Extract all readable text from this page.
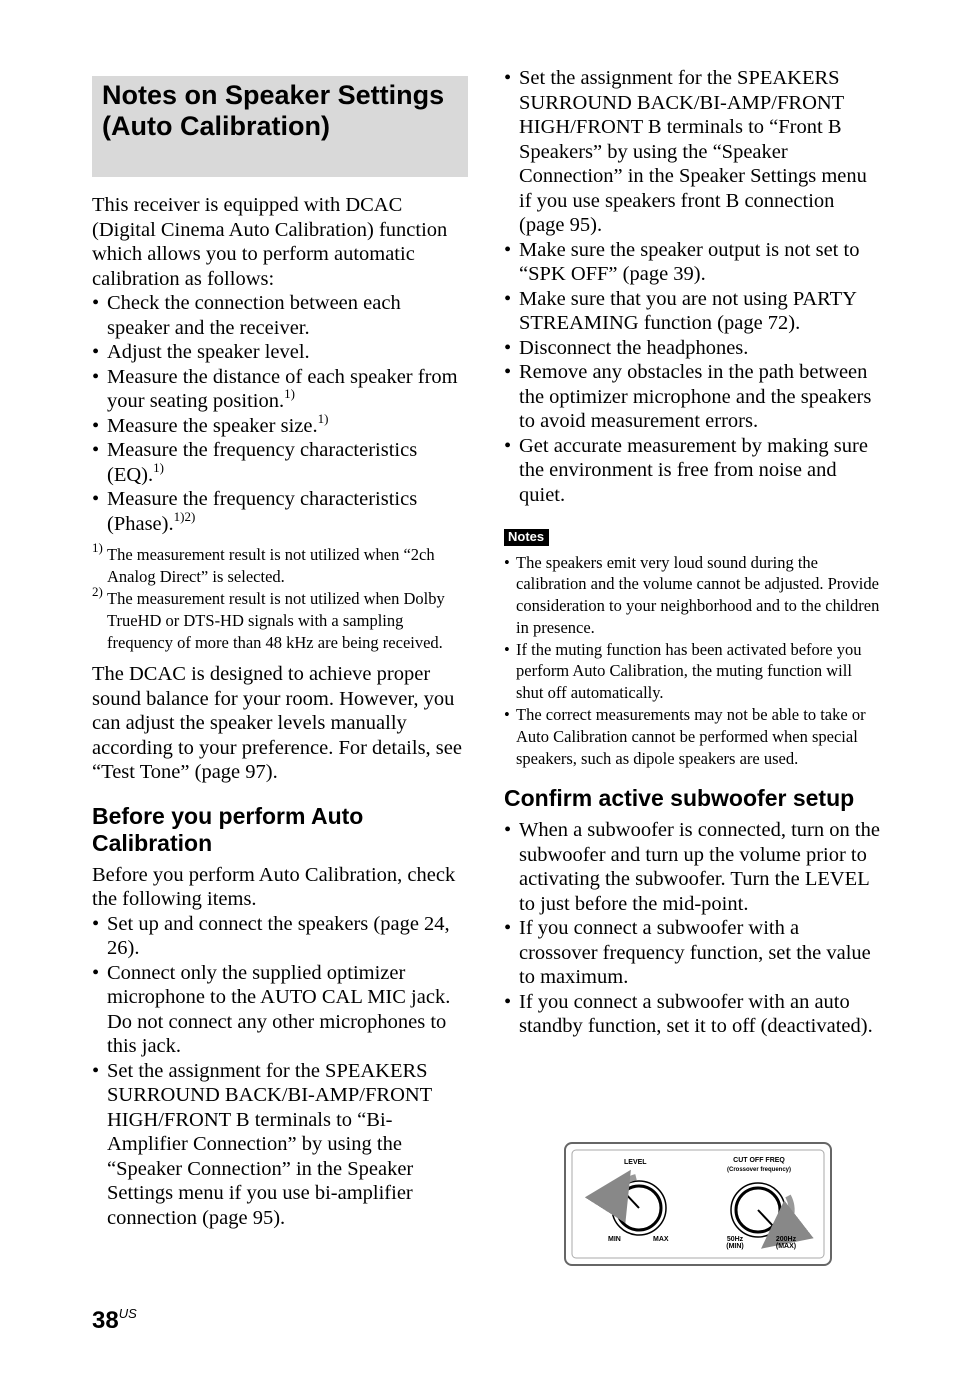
Notes on Speaker Settings (Auto Calibration)

This receiver is equipped with DCAC (Digital Cinema Auto Calibration) function which allows you to perform automatic calibration as follows:

• Check the connection between each speaker and the receiver.
• Adjust the speaker level.
• Measure the distance of each speaker from your seating position.$^{1)}$
• Measure the speaker size.$^{1)}$
• Measure the frequency characteristics (EQ).$^{1)}$
• Measure the frequency characteristics (Phase).$^{1)2)}$
1) The measurement result is not utilized when “2ch Analog Direct” is selected.
2) The measurement result is not utilized when Dolby TrueHD or DTS-HD signals with a sampling frequency of more than 48 kHz are being received.

The DCAC is designed to achieve proper sound balance for your room. However, you can adjust the speaker levels manually according to your preference. For details, see “Test Tone” (page 97).

Before you perform Auto Calibration

Before you perform Auto Calibration, check the following items.

• Set up and connect the speakers (page 24, 26).
• Connect only the supplied optimizer microphone to the AUTO CAL MIC jack. Do not connect any other microphones to this jack.
• Set the assignment for the SPEAKERS SURROUND BACK/BI-AMP/FRONT HIGH/FRONT B terminals to “Bi-Amplifier Connection” by using the “Speaker Connection” in the Speaker Settings menu if you use bi-amplifier connection (page 95).
• Set the assignment for the SPEAKERS SURROUND BACK/BI-AMP/FRONT HIGH/FRONT B terminals to “Front B Speakers” by using the “Speaker Connection” in the Speaker Settings menu if you use speakers front B connection (page 95).
• Make sure the speaker output is not set to “SPK OFF” (page 39).
• Make sure that you are not using PARTY STREAMING function (page 72).
• Disconnect the headphones.
• Remove any obstacles in the path between the optimizer microphone and the speakers to avoid measurement errors.
• Get accurate measurement by making sure the environment is free from noise and quiet.
Notes
• The speakers emit very loud sound during the calibration and the volume cannot be adjusted. Provide consideration to your neighborhood and to the children in presence.
• If the muting function has been activated before you perform Auto Calibration, the muting function will shut off automatically.
• The correct measurements may not be able to take or Auto Calibration cannot be performed when special speakers, such as dipole speakers are used.
Confirm active subwoofer setup
• When a subwoofer is connected, turn on the subwoofer and turn up the volume prior to activating the subwoofer. Turn the LEVEL to just before the mid-point.
• If you connect a subwoofer with a crossover frequency function, set the value to maximum.
• If you connect a subwoofer with an auto standby function, set it to off (deactivated).
LEVEL
MIN	MAX
CUT OFF FREQ
(Crossover frequency)
50Hz
(MIN)
200Hz
(MAX)
$38^{US}$
